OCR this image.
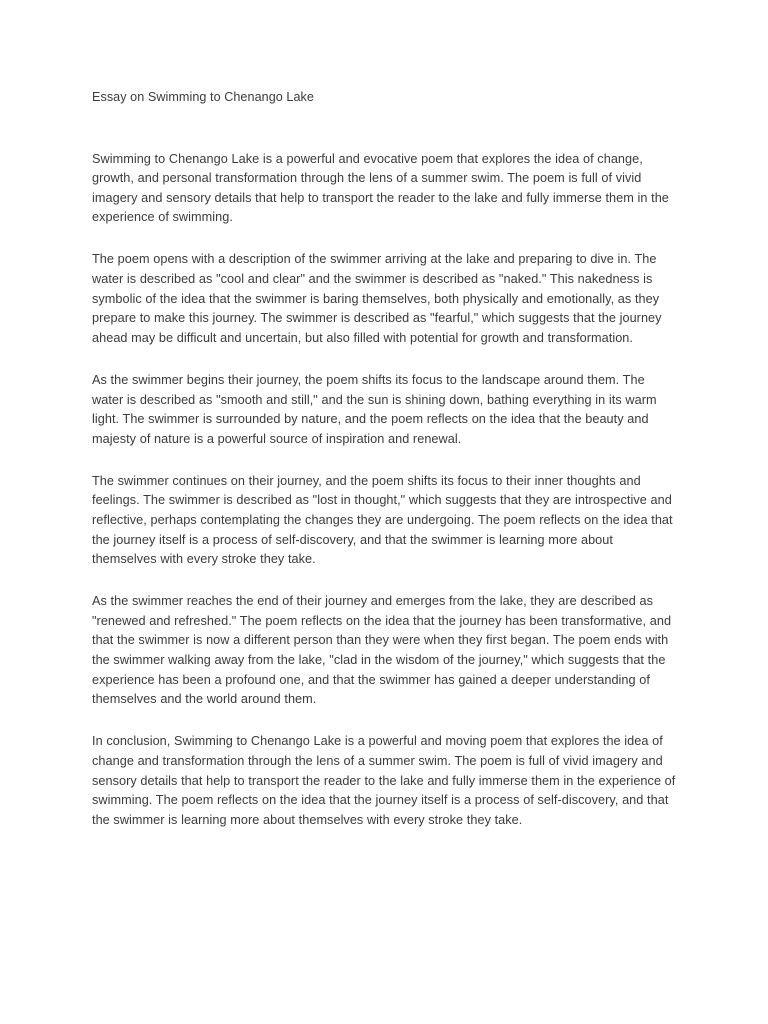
Essay on Swimming to Chenango Lake

Swimming to Chenango Lake is a powerful and evocative poem that explores the idea of change, growth, and personal transformation through the lens of a summer swim. The poem is full of vivid imagery and sensory details that help to transport the reader to the lake and fully immerse them in the experience of swimming.

The poem opens with a description of the swimmer arriving at the lake and preparing to dive in. The water is described as "cool and clear" and the swimmer is described as "naked." This nakedness is symbolic of the idea that the swimmer is baring themselves, both physically and emotionally, as they prepare to make this journey. The swimmer is described as "fearful," which suggests that the journey ahead may be difficult and uncertain, but also filled with potential for growth and transformation.

As the swimmer begins their journey, the poem shifts its focus to the landscape around them. The water is described as "smooth and still," and the sun is shining down, bathing everything in its warm light. The swimmer is surrounded by nature, and the poem reflects on the idea that the beauty and majesty of nature is a powerful source of inspiration and renewal.

The swimmer continues on their journey, and the poem shifts its focus to their inner thoughts and feelings. The swimmer is described as "lost in thought," which suggests that they are introspective and reflective, perhaps contemplating the changes they are undergoing. The poem reflects on the idea that the journey itself is a process of self-discovery, and that the swimmer is learning more about themselves with every stroke they take.

As the swimmer reaches the end of their journey and emerges from the lake, they are described as "renewed and refreshed." The poem reflects on the idea that the journey has been transformative, and that the swimmer is now a different person than they were when they first began. The poem ends with the swimmer walking away from the lake, "clad in the wisdom of the journey," which suggests that the experience has been a profound one, and that the swimmer has gained a deeper understanding of themselves and the world around them.

In conclusion, Swimming to Chenango Lake is a powerful and moving poem that explores the idea of change and transformation through the lens of a summer swim. The poem is full of vivid imagery and sensory details that help to transport the reader to the lake and fully immerse them in the experience of swimming. The poem reflects on the idea that the journey itself is a process of self-discovery, and that the swimmer is learning more about themselves with every stroke they take.
